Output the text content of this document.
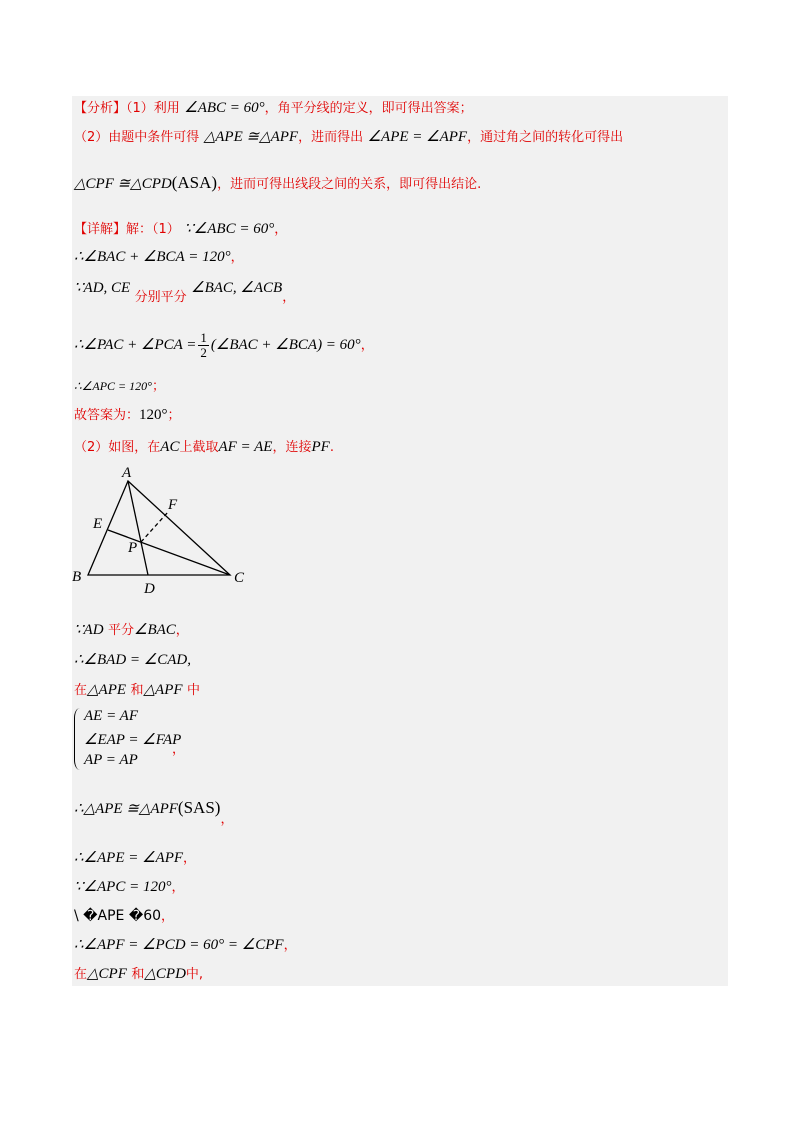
【分析】（1）利用 ∠ABC = 60°，角平分线的定义，即可得出答案；
（2）由题中条件可得 △APE ≅△APF，进而得出 ∠APE = ∠APF，通过角之间的转化可得出
△CPF ≅△CPD(ASA)，进而可得出线段之间的关系，即可得出结论.
【详解】解：（1） ∵∠ABC = 60°，
∴∠BAC + ∠BCA = 120°，
∵AD, CE 分别平分 ∠BAC, ∠ACB，
∴∠PAC + ∠PCA = $\frac{1}{2}$ (∠BAC + ∠BCA) = 60°，
∴∠APC = 120°；
故答案为：120°；
（2）如图，在AC上截取AF = AE，连接PF.
A
B	C
D
E
F
P
∵AD 平分∠BAC，
∴∠BAD = ∠CAD,
在△APE 和△APF 中
AE = AF
∠EAP = ∠FAP
AP = AP
，
∴△APE ≅△APF(SAS)，
∴∠APE = ∠APF，
∵∠APC = 120°，
\ �APE �60，
∴∠APF = ∠PCD = 60° = ∠CPF，
在△CPF 和△CPD中,
